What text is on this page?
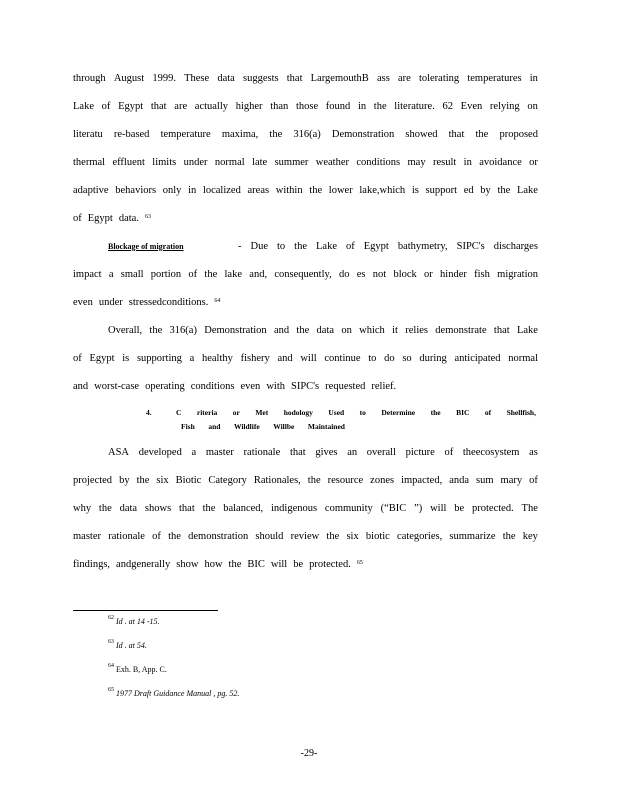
through August 1999. These data suggests that LargemouthB ass are tolerating temperatures in
Lake of Egypt that are actually higher than those found in the literature. 62 Even relying on
literatu re-based temperature maxima, the 316(a) Demonstration showed that the proposed
thermal effluent limits under normal late summer weather conditions may result in avoidance or
adaptive behaviors only in localized areas within the lower lake,which is support ed by the Lake
of Egypt data. $^{63}$
Blockage of migration	- Due to the Lake of Egypt bathymetry, SIPC's discharges
impact a small portion of the lake and, consequently, do es not block or hinder fish migration
even under stressedconditions. $^{64}$
Overall, the 316(a) Demonstration and the data on which it relies demonstrate that Lake
of Egypt is supporting a healthy fishery and will continue to do so during anticipated normal
and worst-case operating conditions even with SIPC's requested relief.
4.	C riteria or Met hodology Used to Determine the BIC of Shellfish,
Fish and Wildlife Willbe Maintained
ASA developed a master rationale that gives an overall picture of theecosystem as
projected by the six Biotic Category Rationales, the resource zones impacted, anda sum mary of
why the data shows that the balanced, indigenous community (“BIC ”) will be protected. The
master rationale of the demonstration should review the six biotic categories, summarize the key
findings, andgenerally show how the BIC will be protected. $^{65}$
$^{62}$ Id . at 14 -15.
$^{63}$ Id . at 54.
$^{64}$ Exh. B, App. C.
$^{65}$ 1977 Draft Guidance Manual , pg. 52.
-29-
